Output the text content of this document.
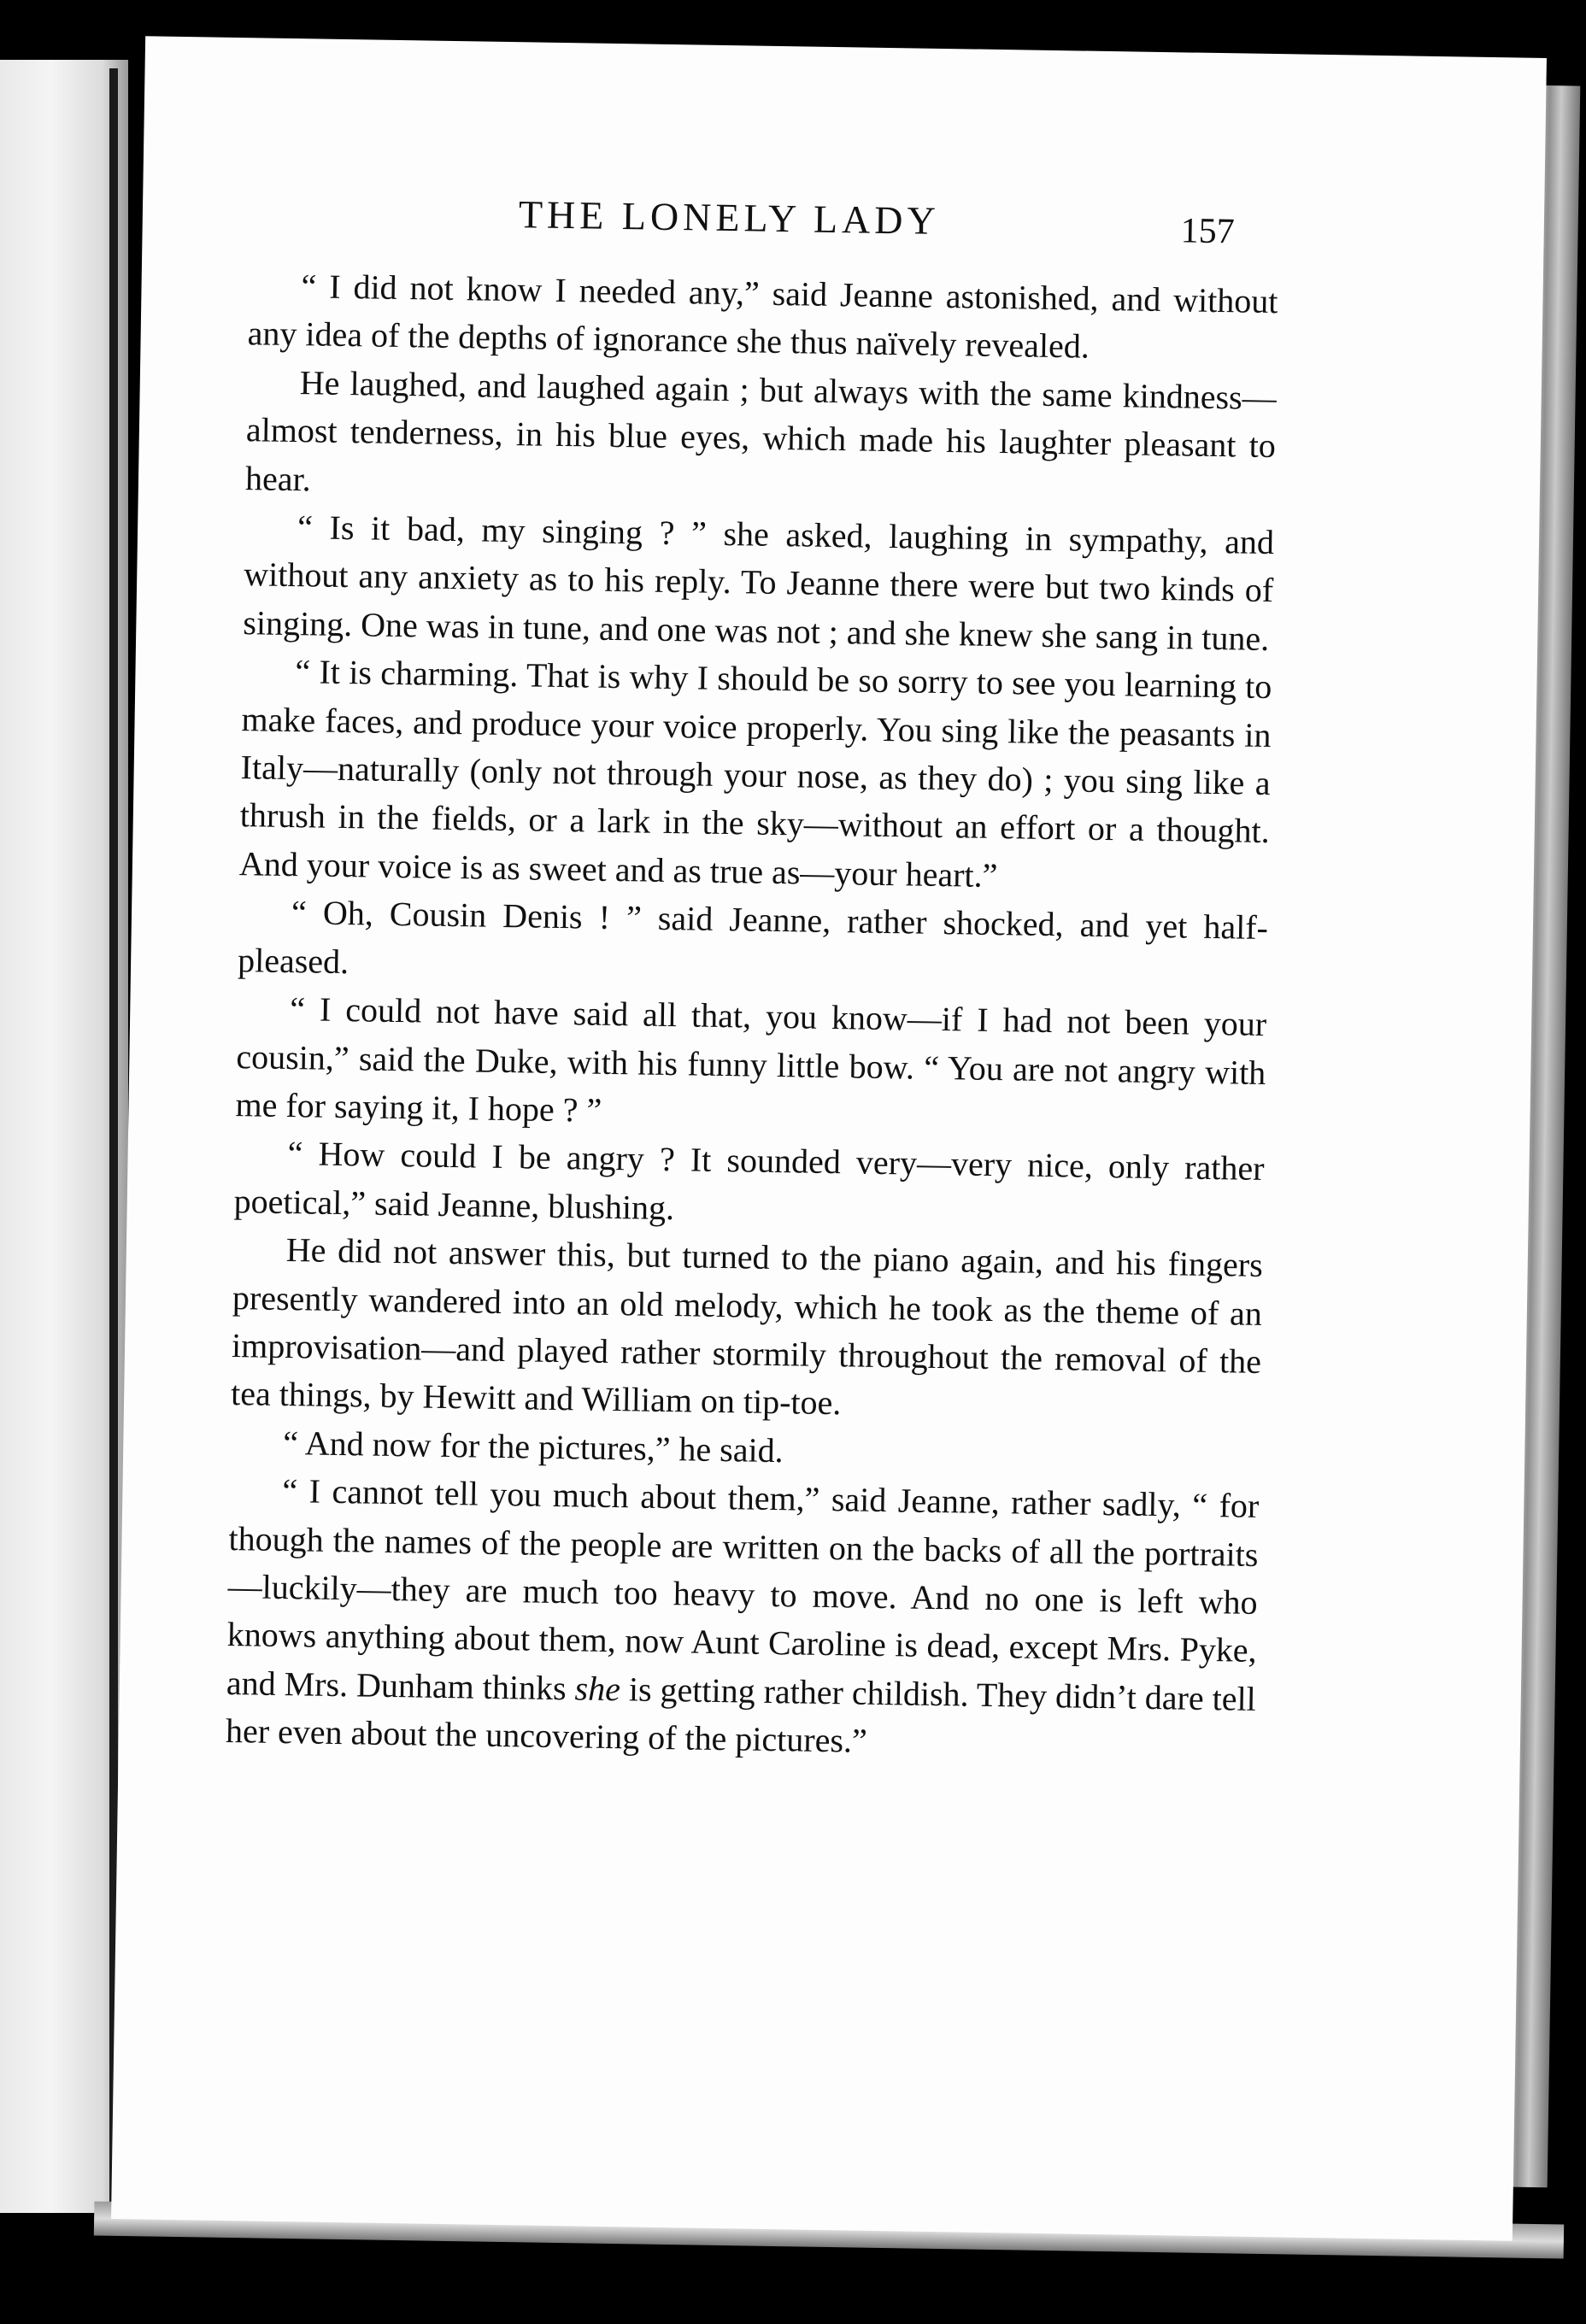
THE LONELY LADY	157

“ I did not know I needed any,” said Jeanne astonished, and without any idea of the depths of ignorance she thus naïvely revealed.

He laughed, and laughed again ; but always with the same kindness—almost tenderness, in his blue eyes, which made his laughter pleasant to hear.

“ Is it bad, my singing ? ” she asked, laughing in sympathy, and without any anxiety as to his reply. To Jeanne there were but two kinds of singing. One was in tune, and one was not ; and she knew she sang in tune.

“ It is charming. That is why I should be so sorry to see you learning to make faces, and produce your voice properly. You sing like the peasants in Italy—naturally (only not through your nose, as they do) ; you sing like a thrush in the fields, or a lark in the sky—without an effort or a thought. And your voice is as sweet and as true as—your heart.”

“ Oh, Cousin Denis ! ” said Jeanne, rather shocked, and yet half-pleased.

“ I could not have said all that, you know—if I had not been your cousin,” said the Duke, with his funny little bow. “ You are not angry with me for saying it, I hope ? ”

“ How could I be angry ? It sounded very—very nice, only rather poetical,” said Jeanne, blushing.

He did not answer this, but turned to the piano again, and his fingers presently wandered into an old melody, which he took as the theme of an improvisation—and played rather stormily throughout the removal of the tea things, by Hewitt and William on tip-toe.

“ And now for the pictures,” he said.

“ I cannot tell you much about them,” said Jeanne, rather sadly, “ for though the names of the people are written on the backs of all the portraits—luckily—they are much too heavy to move. And no one is left who knows anything about them, now Aunt Caroline is dead, except Mrs. Pyke, and Mrs. Dunham thinks she is getting rather childish. They didn’t dare tell her even about the uncovering of the pictures.”
